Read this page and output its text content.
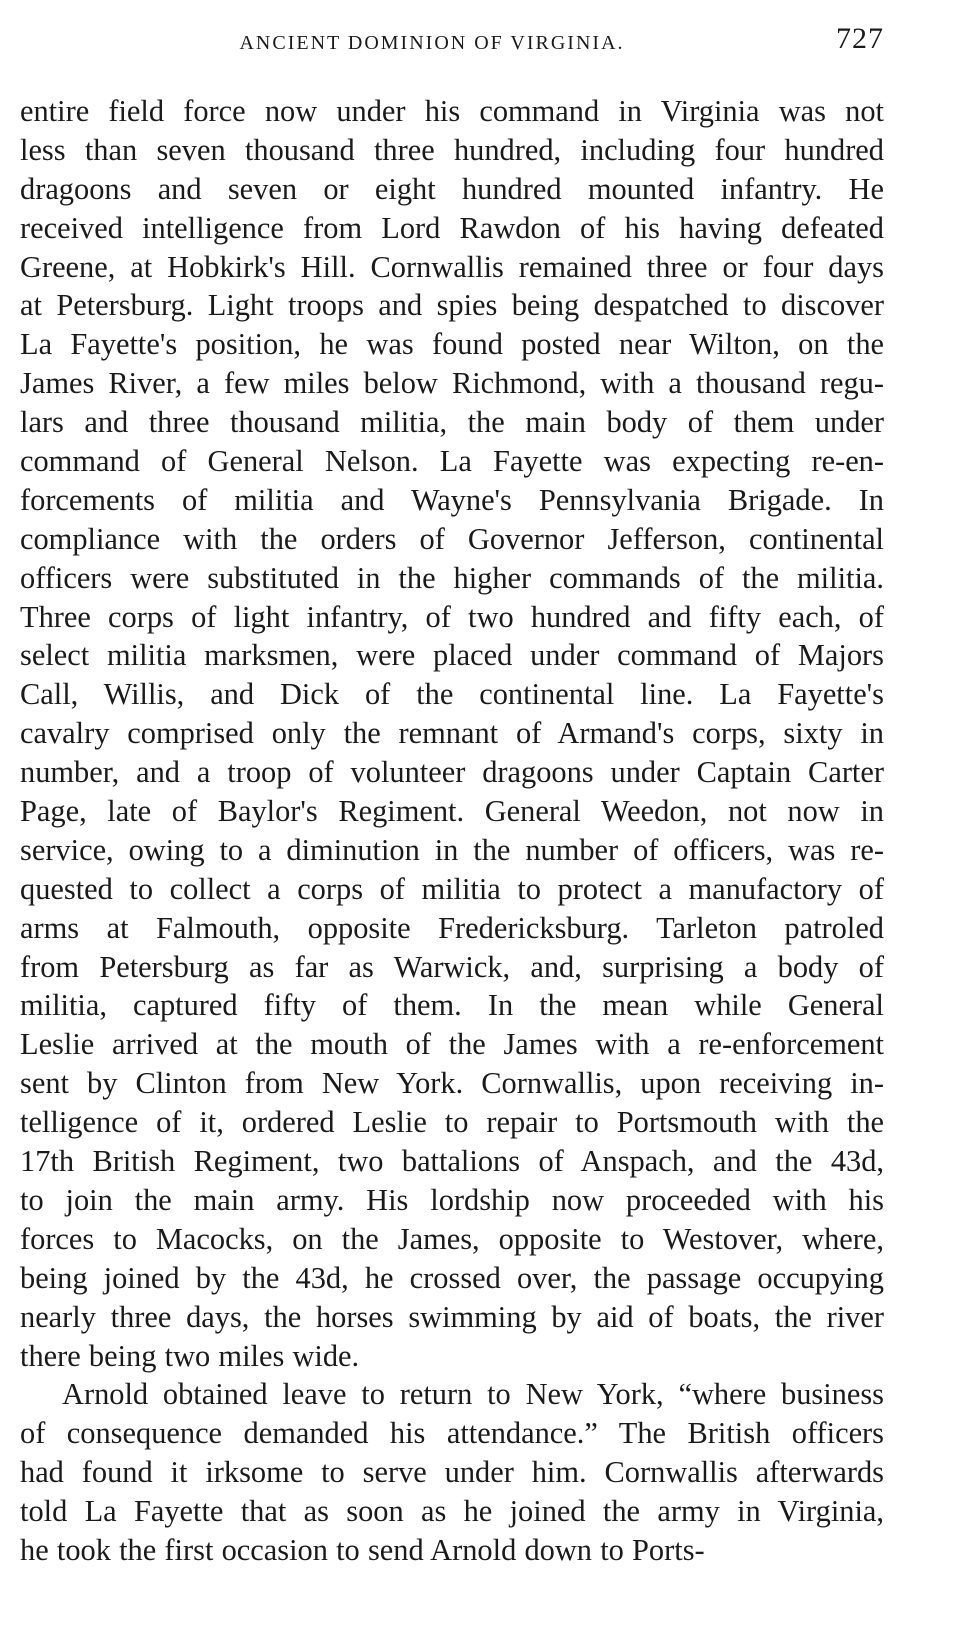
ANCIENT DOMINION OF VIRGINIA.	727
entire field force now under his command in Virginia was not
less than seven thousand three hundred, including four hundred
dragoons and seven or eight hundred mounted infantry. He
received intelligence from Lord Rawdon of his having defeated
Greene, at Hobkirk's Hill. Cornwallis remained three or four days
at Petersburg. Light troops and spies being despatched to discover
La Fayette's position, he was found posted near Wilton, on the
James River, a few miles below Richmond, with a thousand regu-
lars and three thousand militia, the main body of them under
command of General Nelson. La Fayette was expecting re-en-
forcements of militia and Wayne's Pennsylvania Brigade. In
compliance with the orders of Governor Jefferson, continental
officers were substituted in the higher commands of the militia.
Three corps of light infantry, of two hundred and fifty each, of
select militia marksmen, were placed under command of Majors
Call, Willis, and Dick of the continental line. La Fayette's
cavalry comprised only the remnant of Armand's corps, sixty in
number, and a troop of volunteer dragoons under Captain Carter
Page, late of Baylor's Regiment. General Weedon, not now in
service, owing to a diminution in the number of officers, was re-
quested to collect a corps of militia to protect a manufactory of
arms at Falmouth, opposite Fredericksburg. Tarleton patroled
from Petersburg as far as Warwick, and, surprising a body of
militia, captured fifty of them. In the mean while General
Leslie arrived at the mouth of the James with a re-enforcement
sent by Clinton from New York. Cornwallis, upon receiving in-
telligence of it, ordered Leslie to repair to Portsmouth with the
17th British Regiment, two battalions of Anspach, and the 43d,
to join the main army. His lordship now proceeded with his
forces to Macocks, on the James, opposite to Westover, where,
being joined by the 43d, he crossed over, the passage occupying
nearly three days, the horses swimming by aid of boats, the river
there being two miles wide.
Arnold obtained leave to return to New York, “where business
of consequence demanded his attendance.” The British officers
had found it irksome to serve under him. Cornwallis afterwards
told La Fayette that as soon as he joined the army in Virginia,
he took the first occasion to send Arnold down to Ports-
